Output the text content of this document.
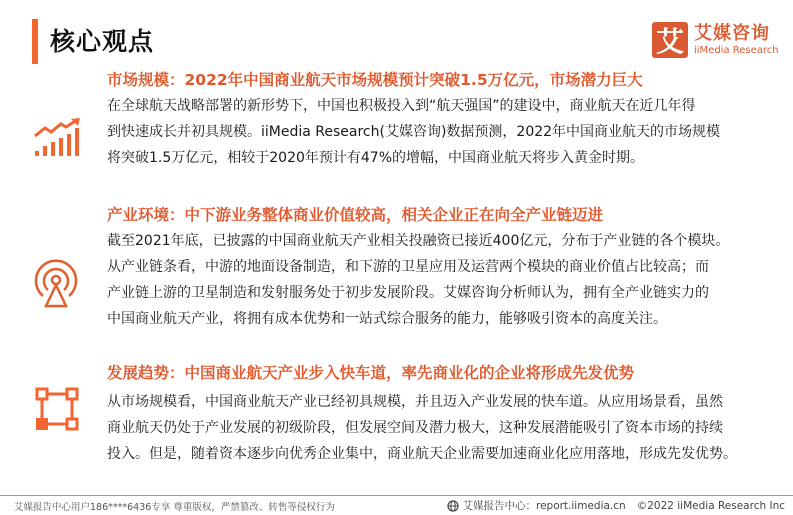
核心观点	艾 艾媒咨询
iiMedia Research
市场规模：2022年中国商业航天市场规模预计突破1.5万亿元，市场潜力巨大
在全球航天战略部署的新形势下，中国也积极投入到“航天强国”的建设中，商业航天在近几年得
到快速成长并初具规模。iiMedia Research(艾媒咨询)数据预测，2022年中国商业航天的市场规模
将突破1.5万亿元，相较于2020年预计有47%的增幅，中国商业航天将步入黄金时期。
产业环境：中下游业务整体商业价值较高，相关企业正在向全产业链迈进
截至2021年底，已披露的中国商业航天产业相关投融资已接近400亿元，分布于产业链的各个模块。
从产业链条看，中游的地面设备制造，和下游的卫星应用及运营两个模块的商业价值占比较高；而
产业链上游的卫星制造和发射服务处于初步发展阶段。艾媒咨询分析师认为，拥有全产业链实力的
中国商业航天产业，将拥有成本优势和一站式综合服务的能力，能够吸引资本的高度关注。
发展趋势：中国商业航天产业步入快车道，率先商业化的企业将形成先发优势
从市场规模看，中国商业航天产业已经初具规模，并且迈入产业发展的快车道。从应用场景看，虽然
商业航天仍处于产业发展的初级阶段，但发展空间及潜力极大，这种发展潜能吸引了资本市场的持续
投入。但是，随着资本逐步向优秀企业集中，商业航天企业需要加速商业化应用落地，形成先发优势。
艾媒报告中心用户186****6436专享 尊重版权，严禁篡改、转售等侵权行为	艾媒报告中心：report.iimedia.cn ©2022 iiMedia Research Inc
